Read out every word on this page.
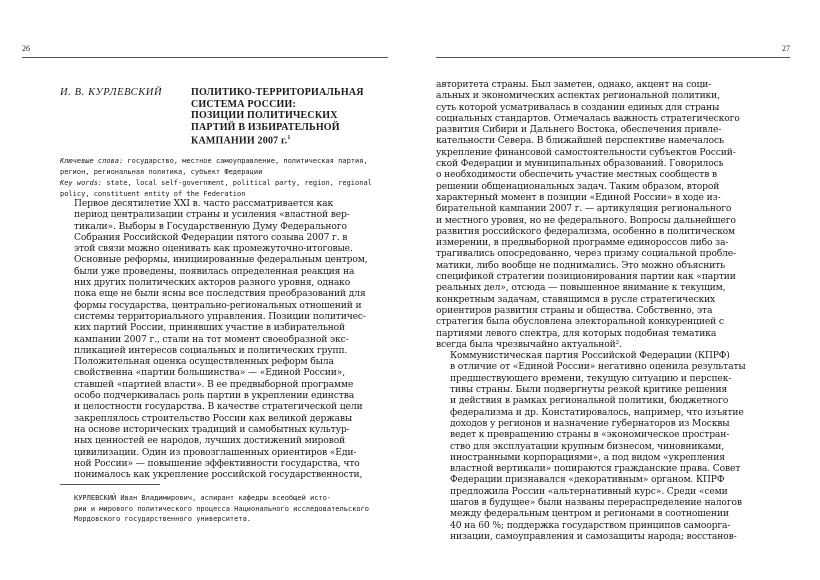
26
И. В. КУРЛЕВСКИЙ	ПОЛИТИКО-ТЕРРИТОРИАЛЬНАЯ
СИСТЕМА РОССИИ:
ПОЗИЦИИ ПОЛИТИЧЕСКИХ
ПАРТИЙ В ИЗБИРАТЕЛЬНОЙ
КАМПАНИИ 2007 г.$^1$
Ключевые слова: государство, местное самоуправление, политическая партия, регион, региональная политика, субъект Федерации
Key words: state, local self-government, political party, region, regional policy, constituent entity of the Federation
Первое десятилетие XXI в. часто рассматривается как
период централизации страны и усиления «властной вер-
тикали». Выборы в Государственную Думу Федерального
Собрания Российской Федерации пятого созыва 2007 г. в
этой связи можно оценивать как промежуточно-итоговые.
Основные реформы, инициированные федеральным центром,
были уже проведены, появилась определенная реакция на
них других политических акторов разного уровня, однако
пока еще не были ясны все последствия преобразований для
формы государства, центрально-региональных отношений и
системы территориального управления. Позиции политичес-
ких партий России, принявших участие в избирательной
кампании 2007 г., стали на тот момент своеобразной экс-
пликацией интересов социальных и политических групп.
Положительная оценка осуществленных реформ была
свойственна «партии большинства» — «Единой России»,
ставшей «партией власти». В ее предвыборной программе
особо подчеркивалась роль партии в укреплении единства
и целостности государства. В качестве стратегической цели
закреплялось строительство России как великой державы
на основе исторических традиций и самобытных культур-
ных ценностей ее народов, лучших достижений мировой
цивилизации. Один из провозглашенных ориентиров «Еди-
ной России» — повышение эффективности государства, что
понималось как укрепление российской государственности,
КУРЛЕВСКИЙ Иван Владимирович, аспирант кафедры всеобщей исто-
рии и мирового политического процесса Национального исследовательского
Мордовского государственного университета.
27
авторитета страны. Был заметен, однако, акцент на соци-
альных и экономических аспектах региональной политики,
суть которой усматривалась в создании единых для страны
социальных стандартов. Отмечалась важность стратегического
развития Сибири и Дальнего Востока, обеспечения привле-
кательности Севера. В ближайшей перспективе намечалось
укрепление финансовой самостоятельности субъектов Россий-
ской Федерации и муниципальных образований. Говорилось
о необходимости обеспечить участие местных сообществ в
решении общенациональных задач. Таким образом, второй
характерный момент в позиции «Единой России» в ходе из-
бирательной кампании 2007 г. — артикуляция регионального
и местного уровня, но не федерального. Вопросы дальнейшего
развития российского федерализма, особенно в политическом
измерении, в предвыборной программе единороссов либо за-
трагивались опосредованно, через призму социальной пробле-
матики, либо вообще не поднимались. Это можно объяснить
спецификой стратегии позиционирования партии как «партии
реальных дел», отсюда — повышенное внимание к текущим,
конкретным задачам, ставящимся в русле стратегических
ориентиров развития страны и общества. Собственно, эта
стратегия была обусловлена электоральной конкуренцией с
партиями левого спектра, для которых подобная тематика
всегда была чрезвычайно актуальной².
Коммунистическая партия Российской Федерации (КПРФ)
в отличие от «Единой России» негативно оценила результаты
предшествующего времени, текущую ситуацию и перспек-
тивы страны. Были подвергнуты резкой критике решения
и действия в рамках региональной политики, бюджетного
федерализма и др. Констатировалось, например, что изъятие
доходов у регионов и назначение губернаторов из Москвы
ведет к превращению страны в «экономическое простран-
ство для эксплуатации крупным бизнесом, чиновниками,
иностранными корпорациями», а под видом «укрепления
властной вертикали» попираются гражданские права. Совет
Федерации признавался «декоративным» органом. КПРФ
предложила России «альтернативный курс». Среди «семи
шагов в будущее» были названы перераспределение налогов
между федеральным центром и регионами в соотношении
40 на 60 %; поддержка государством принципов самоорга-
низации, самоуправления и самозащиты народа; восстанов-
